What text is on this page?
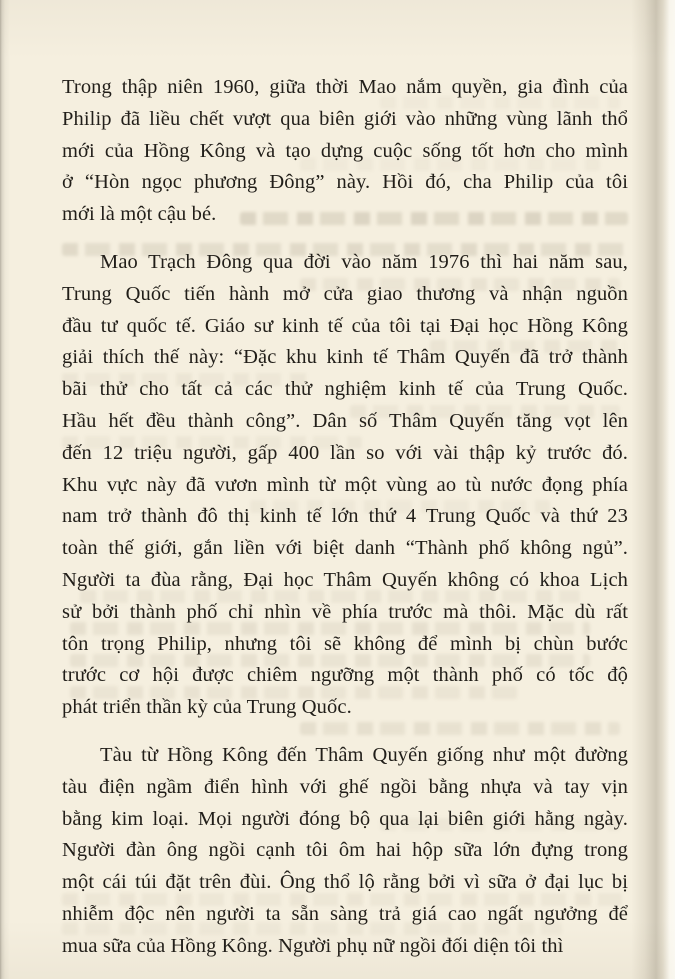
Trong thập niên 1960, giữa thời Mao nắm quyền, gia đình của
Philip đã liều chết vượt qua biên giới vào những vùng lãnh thổ
mới của Hồng Kông và tạo dựng cuộc sống tốt hơn cho mình
ở “Hòn ngọc phương Đông” này. Hồi đó, cha Philip của tôi
mới là một cậu bé.
Mao Trạch Đông qua đời vào năm 1976 thì hai năm sau,
Trung Quốc tiến hành mở cửa giao thương và nhận nguồn
đầu tư quốc tế. Giáo sư kinh tế của tôi tại Đại học Hồng Kông
giải thích thế này: “Đặc khu kinh tế Thâm Quyến đã trở thành
bãi thử cho tất cả các thử nghiệm kinh tế của Trung Quốc.
Hầu hết đều thành công”. Dân số Thâm Quyến tăng vọt lên
đến 12 triệu người, gấp 400 lần so với vài thập kỷ trước đó.
Khu vực này đã vươn mình từ một vùng ao tù nước đọng phía
nam trở thành đô thị kinh tế lớn thứ 4 Trung Quốc và thứ 23
toàn thế giới, gắn liền với biệt danh “Thành phố không ngủ”.
Người ta đùa rằng, Đại học Thâm Quyến không có khoa Lịch
sử bởi thành phố chỉ nhìn về phía trước mà thôi. Mặc dù rất
tôn trọng Philip, nhưng tôi sẽ không để mình bị chùn bước
trước cơ hội được chiêm ngưỡng một thành phố có tốc độ
phát triển thần kỳ của Trung Quốc.
Tàu từ Hồng Kông đến Thâm Quyến giống như một đường
tàu điện ngầm điển hình với ghế ngồi bằng nhựa và tay vịn
bằng kim loại. Mọi người đóng bộ qua lại biên giới hằng ngày.
Người đàn ông ngồi cạnh tôi ôm hai hộp sữa lớn đựng trong
một cái túi đặt trên đùi. Ông thổ lộ rằng bởi vì sữa ở đại lục bị
nhiễm độc nên người ta sẵn sàng trả giá cao ngất ngưởng để
mua sữa của Hồng Kông. Người phụ nữ ngồi đối diện tôi thì
